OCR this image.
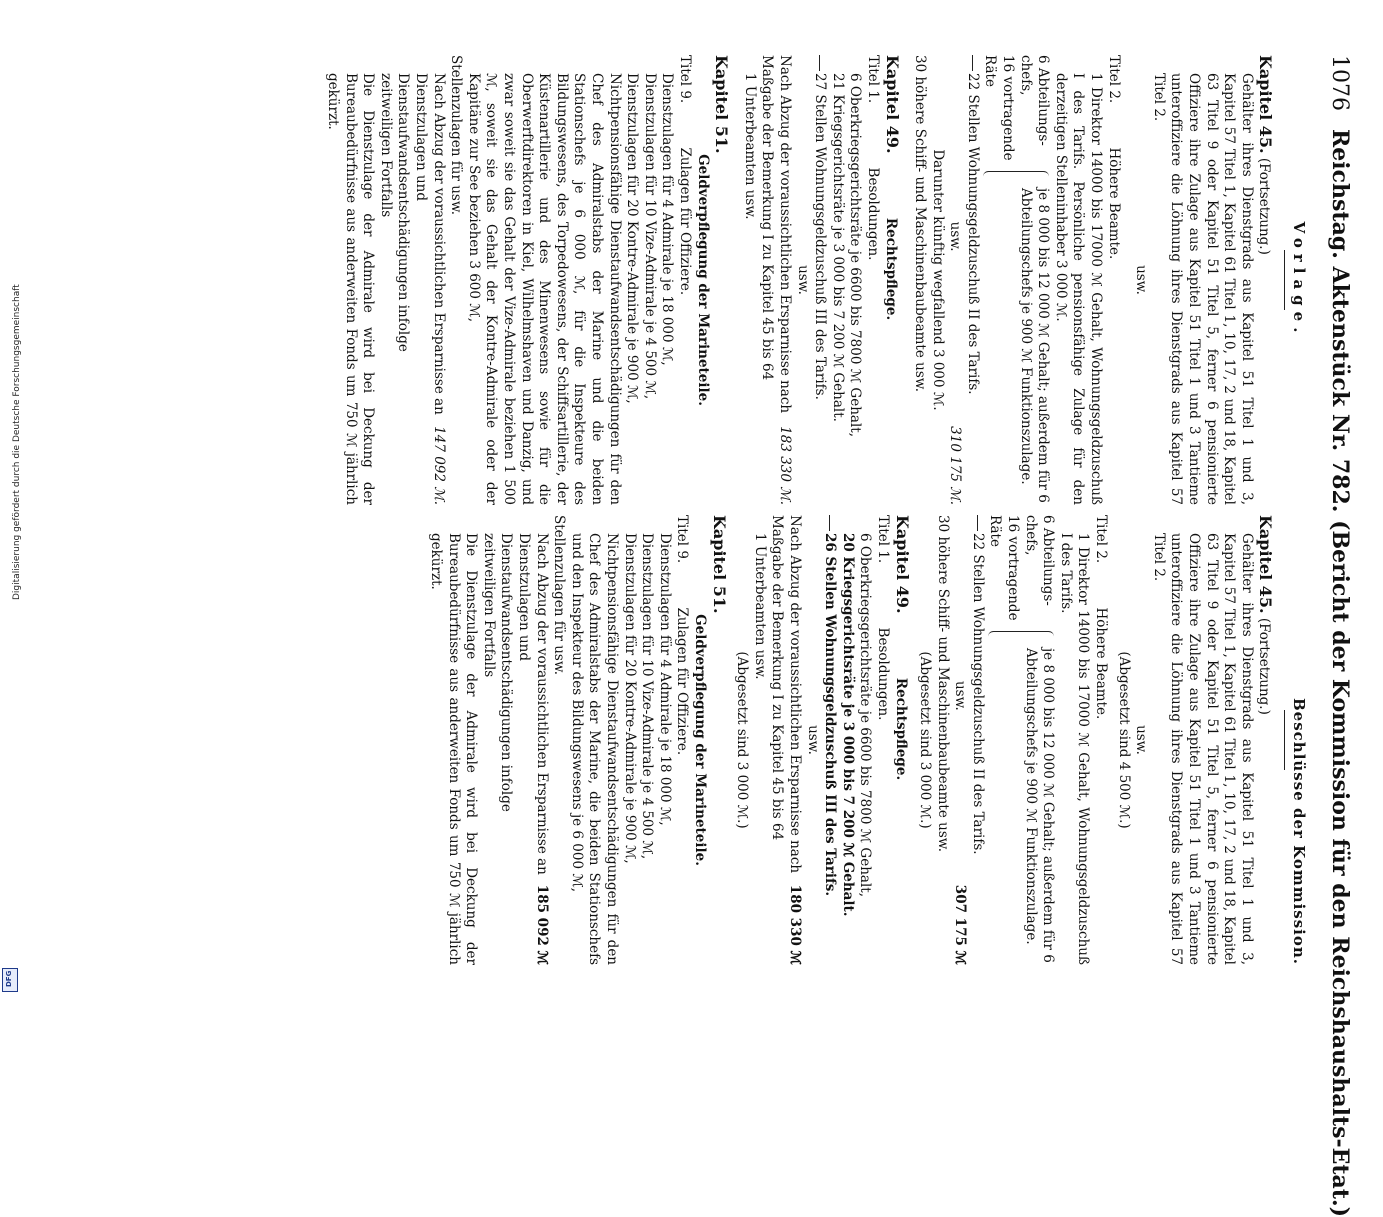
1076
Reichstag. Aktenstück Nr. 782. (Bericht der Kommission für den Reichshaushalts-Etat.)
Vorlage.
Kapitel 45. (Fortsetzung.)

Gehälter ihres Dienstgrads aus Kapitel 51 Titel 1 und 3, Kapitel 57 Titel 1, Kapitel 61 Titel 1, 10, 17, 2 und 18, Kapitel 63 Titel 9 oder Kapitel 51 Titel 5, ferner 6 pensionierte Offiziere ihre Zulage aus Kapitel 51 Titel 1 und 3 Tantieme unteroffiziere die Löhnung ihres Dienstgrads aus Kapitel 57 Titel 2.

usw.
Titel 2. Höhere Beamte.

1 Direktor 14000 bis 17000 ℳ Gehalt, Wohnungsgeldzuschuß I des Tarifs. Persönliche pensionsfähige Zulage für den derzeitigen Stelleninhaber 3 000 ℳ.

6 Abteilungs-chefs,
16 vortragende Räte
je 8 000 bis 12 000 ℳ Gehalt; außerdem für 6 Abteilungschefs je 900 ℳ Funktionszulage.
22 Stellen Wohnungsgeldzuschuß II des Tarifs.
usw.
310 175 ℳ.
Darunter künftig wegfallend 3 000 ℳ.
30 höhere Schiff- und Maschinenbaubeamte usw.
Kapitel 49. Rechtspflege.
Titel 1. Besoldungen.
6 Oberkriegsgerichtsräte je 6600 bis 7800 ℳ Gehalt,
21 Kriegsgerichtsräte je 3 000 bis 7 200 ℳ Gehalt.
27 Stellen Wohnungsgeldzuschuß III des Tarifs.
usw.
Nach Abzug der voraussichtlichen Ersparnisse nach Maßgabe der Bemerkung I zu Kapitel 45 bis 64
183 330 ℳ.
1 Unterbeamten usw.
Kapitel 51.
Geldverpflegung der Marineteile.
Titel 9. Zulagen für Offiziere.
Dienstzulagen für 4 Admirale je 18 000 ℳ,
Dienstzulagen für 10 Vize-Admirale je 4 500 ℳ,
Dienstzulagen für 20 Kontre-Admirale je 900 ℳ,

Nichtpensionsfähige Dienstaufwandsentschädigungen für den Chef des Admiralstabs der Marine und die beiden Stationschefs je 6 000 ℳ, für die Inspekteure des Bildungswesens, des Torpedowesens, der Schiffsartillerie, der Küstenartillerie und des Minenwesens sowie für die Oberwerftdirektoren in Kiel, Wilhelmshaven und Danzig, und zwar soweit sie das Gehalt der Vize-Admirale beziehen 1 500 ℳ, soweit sie das Gehalt der Kontre-Admirale oder der Kapitäne zur See beziehen 3 600 ℳ,

Stellenzulagen für usw.
Nach Abzug der voraussichtlichen Ersparnisse an Dienstzulagen und Dienstaufwandsentschädigungen infolge zeitweiligen Fortfalls
147 092 ℳ.

Die Dienstzulage der Admirale wird bei Deckung der Bureaubedürfnisse aus anderweiten Fonds um 750 ℳ jährlich gekürzt.

Beschlüsse der Kommission.
Kapitel 45. (Fortsetzung.)

Gehälter ihres Dienstgrads aus Kapitel 51 Titel 1 und 3, Kapitel 57 Titel 1, Kapitel 61 Titel 1, 10, 17, 2 und 18, Kapitel 63 Titel 9 oder Kapitel 51 Titel 5, ferner 6 pensionierte Offiziere ihre Zulage aus Kapitel 51 Titel 1 und 3 Tantieme unteroffiziere die Löhnung ihres Dienstgrads aus Kapitel 57 Titel 2.

usw.
(Abgesetzt sind 4 500 ℳ.)
Titel 2. Höhere Beamte.

1 Direktor 14000 bis 17000 ℳ Gehalt, Wohnungsgeldzuschuß I des Tarifs.

6 Abteilungs-chefs,
16 vortragende Räte
je 8 000 bis 12 000 ℳ Gehalt; außerdem für 6 Abteilungschefs je 900 ℳ Funktionszulage.
22 Stellen Wohnungsgeldzuschuß II des Tarifs.
usw.
307 175 ℳ
30 höhere Schiff- und Maschinenbaubeamte usw.
(Abgesetzt sind 3 000 ℳ.)
Kapitel 49. Rechtspflege.
Titel 1. Besoldungen.
6 Oberkriegsgerichtsräte je 6600 bis 7800 ℳ Gehalt,
20 Kriegsgerichtsräte je 3 000 bis 7 200 ℳ Gehalt.
26 Stellen Wohnungsgeldzuschuß III des Tarifs.
usw.
Nach Abzug der voraussichtlichen Ersparnisse nach Maßgabe der Bemerkung I zu Kapitel 45 bis 64
180 330 ℳ
1 Unterbeamten usw.
(Abgesetzt sind 3 000 ℳ.)
Kapitel 51.
Geldverpflegung der Marineteile.
Titel 9. Zulagen für Offiziere.
Dienstzulagen für 4 Admirale je 18 000 ℳ,
Dienstzulagen für 10 Vize-Admirale je 4 500 ℳ,
Dienstzulagen für 20 Kontre-Admirale je 900 ℳ,

Nichtpensionsfähige Dienstaufwandsentschädigungen für den Chef des Admiralstabs der Marine, die beiden Stationschefs und den Inspekteur des Bildungswesens je 6 000 ℳ,

Stellenzulagen für usw.
Nach Abzug der voraussichtlichen Ersparnisse an Dienstzulagen und Dienstaufwandsentschädigungen infolge zeitweiligen Fortfalls
185 092 ℳ

Die Dienstzulage der Admirale wird bei Deckung der Bureaubedürfnisse aus anderweiten Fonds um 750 ℳ jährlich gekürzt.

Digitalisierung gefördert durch die Deutsche Forschungsgemeinschaft
DFG
